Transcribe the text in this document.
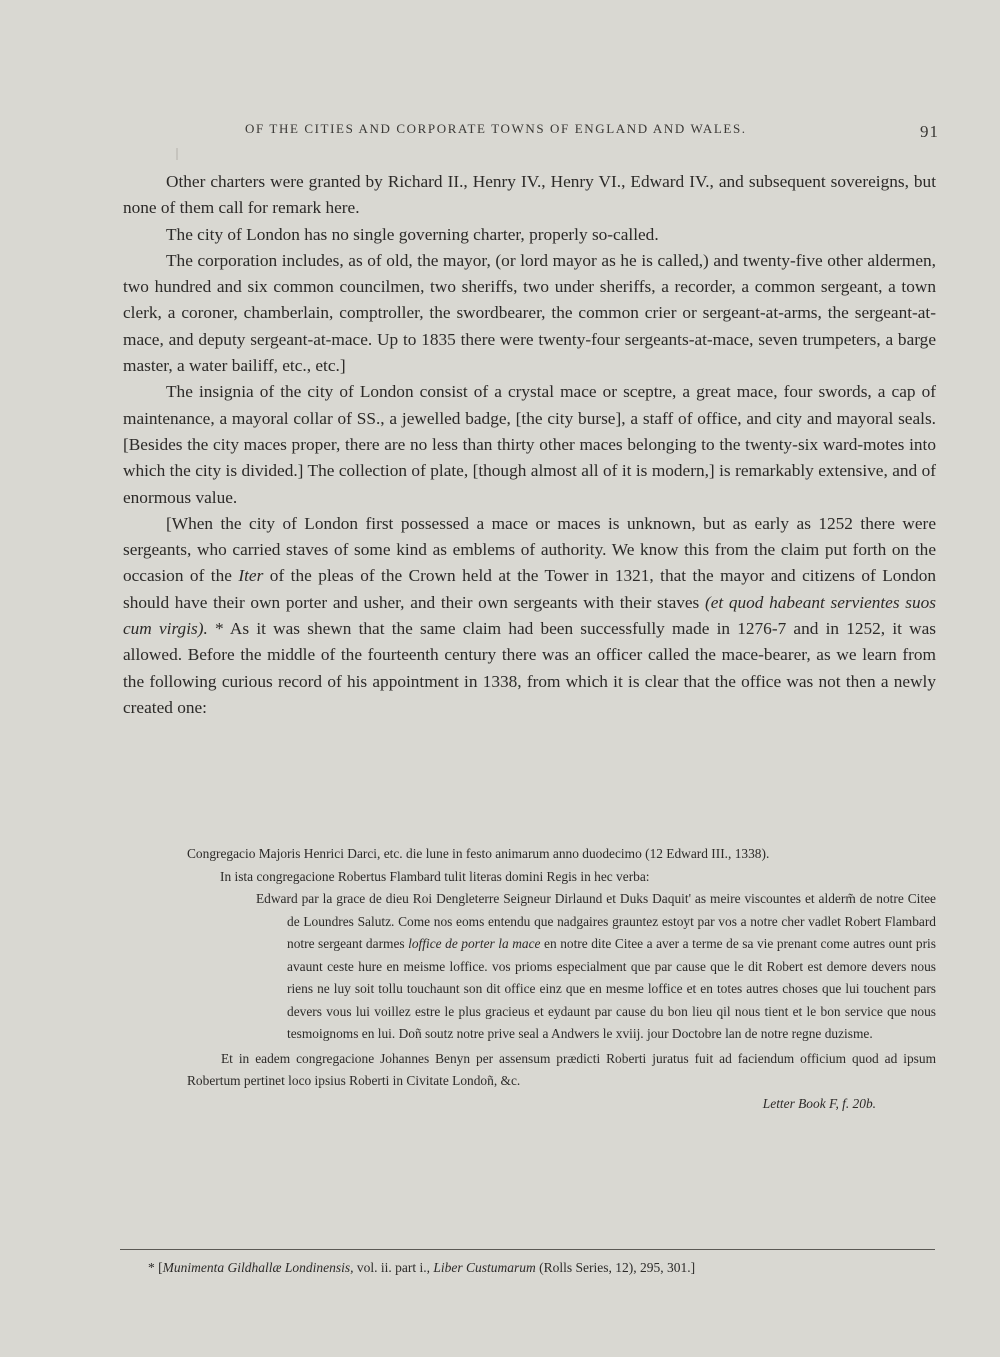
OF THE CITIES AND CORPORATE TOWNS OF ENGLAND AND WALES.	91

Other charters were granted by Richard II., Henry IV., Henry VI., Edward IV., and subsequent sovereigns, but none of them call for remark here.

The city of London has no single governing charter, properly so-called.

The corporation includes, as of old, the mayor, (or lord mayor as he is called,) and twenty-five other aldermen, two hundred and six common councilmen, two sheriffs, two under sheriffs, a recorder, a common sergeant, a town clerk, a coroner, chamberlain, comptroller, the swordbearer, the common crier or sergeant-at-arms, the sergeant-at-mace, and deputy sergeant-at-mace. Up to 1835 there were twenty-four sergeants-at-mace, seven trumpeters, a barge master, a water bailiff, etc., etc.]

The insignia of the city of London consist of a crystal mace or sceptre, a great mace, four swords, a cap of maintenance, a mayoral collar of SS., a jewelled badge, [the city burse], a staff of office, and city and mayoral seals. [Besides the city maces proper, there are no less than thirty other maces belonging to the twenty-six ward-motes into which the city is divided.] The collection of plate, [though almost all of it is modern,] is remarkably extensive, and of enormous value.

[When the city of London first possessed a mace or maces is unknown, but as early as 1252 there were sergeants, who carried staves of some kind as emblems of authority. We know this from the claim put forth on the occasion of the Iter of the pleas of the Crown held at the Tower in 1321, that the mayor and citizens of London should have their own porter and usher, and their own sergeants with their staves (et quod habeant servientes suos cum virgis). * As it was shewn that the same claim had been successfully made in 1276-7 and in 1252, it was allowed. Before the middle of the fourteenth century there was an officer called the mace-bearer, as we learn from the following curious record of his appointment in 1338, from which it is clear that the office was not then a newly created one:

Congregacio Majoris Henrici Darci, etc. die lune in festo animarum anno duodecimo (12 Edward III., 1338).

In ista congregacione Robertus Flambard tulit literas domini Regis in hec verba:

Edward par la grace de dieu Roi Dengleterre Seigneur Dirlaund et Duks Daquit' as meire viscountes et alderm̃ de notre Citee de Loundres Salutz. Come nos eoms entendu que nadgaires grauntez estoyt par vos a notre cher vadlet Robert Flambard notre sergeant darmes loffice de porter la mace en notre dite Citee a aver a terme de sa vie prenant come autres ount pris avaunt ceste hure en meisme loffice. vos prioms especialment que par cause que le dit Robert est demore devers nous riens ne luy soit tollu touchaunt son dit office einz que en mesme loffice et en totes autres choses que lui touchent pars devers vous lui voillez estre le plus gracieus et eydaunt par cause du bon lieu qil nous tient et le bon service que nous tesmoignoms en lui. Doñ soutz notre prive seal a Andwers le xviij. jour Doctobre lan de notre regne duzisme.

Et in eadem congregacione Johannes Benyn per assensum prædicti Roberti juratus fuit ad faciendum officium quod ad ipsum Robertum pertinet loco ipsius Roberti in Civitate Londoñ, &c.

Letter Book F, f. 20b.

* [Munimenta Gildhallæ Londinensis, vol. ii. part i., Liber Custumarum (Rolls Series, 12), 295, 301.]
